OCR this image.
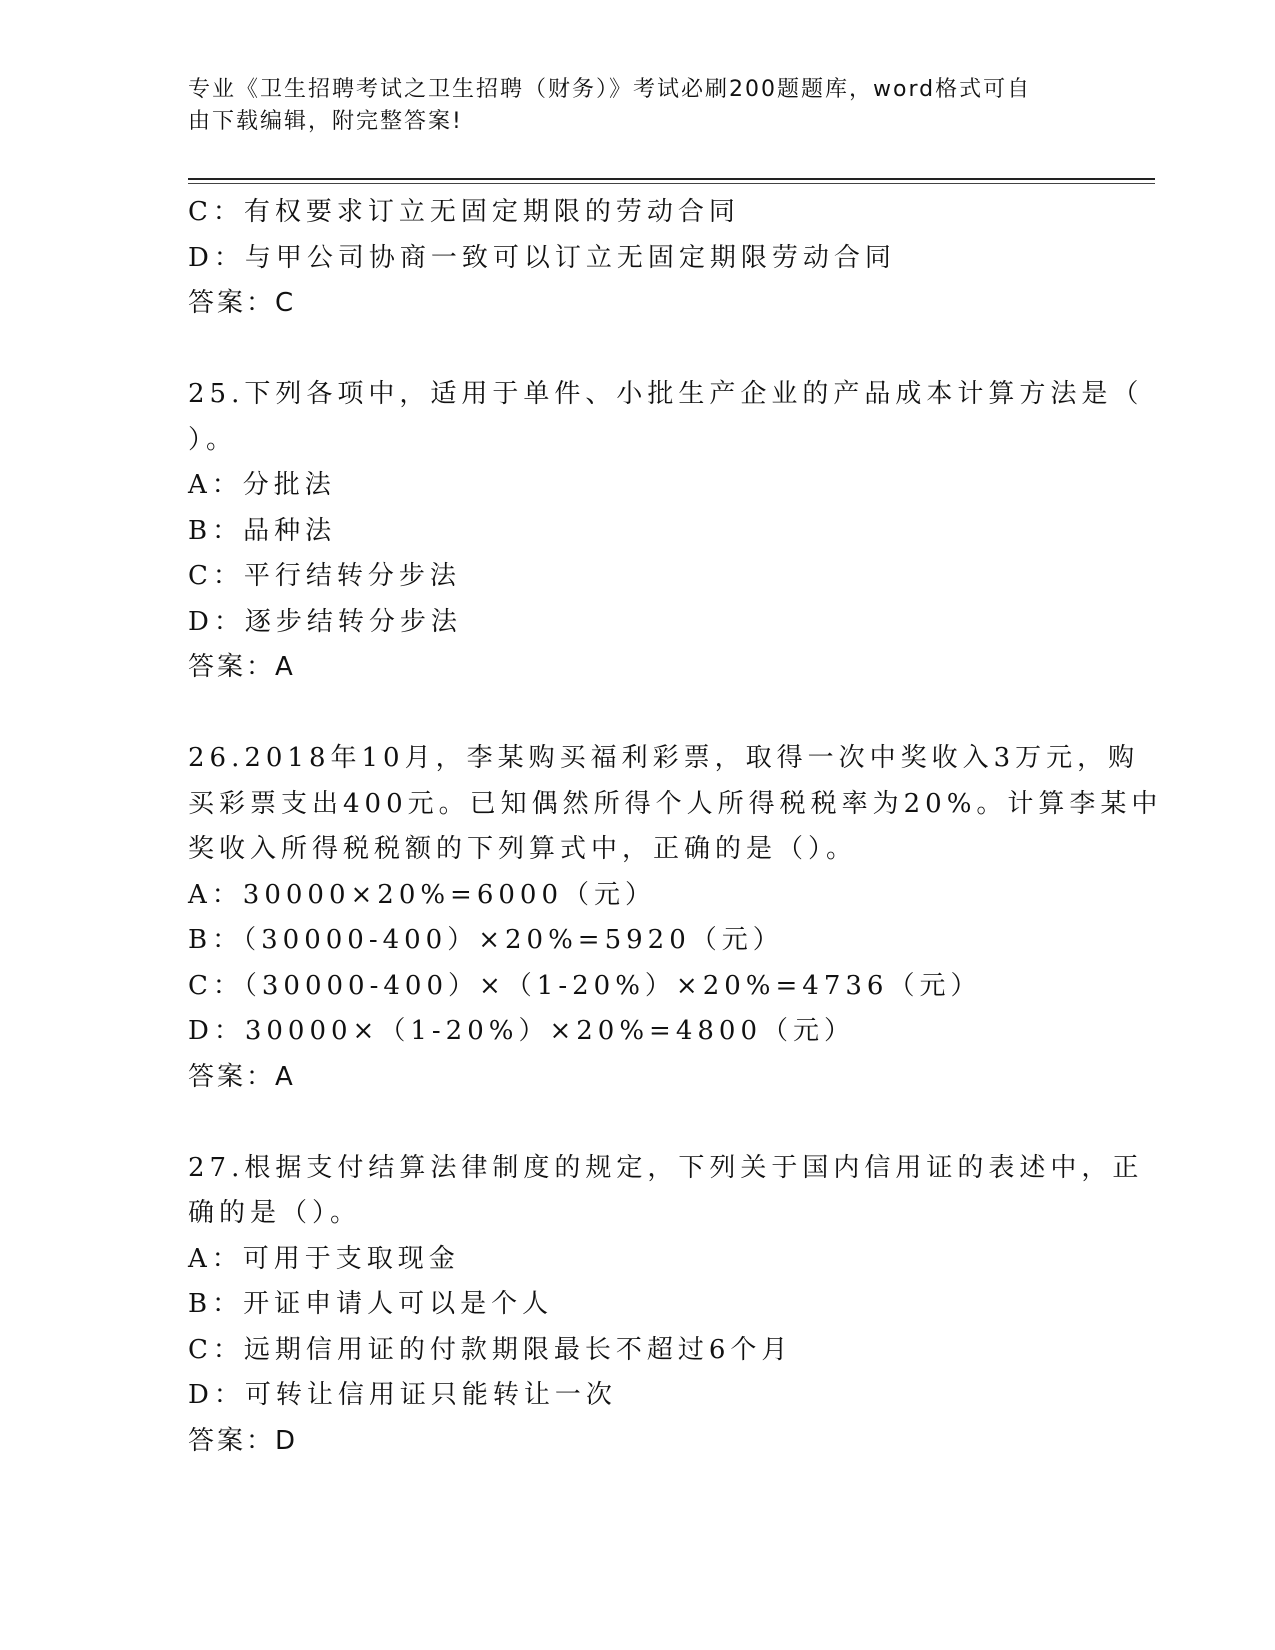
专业《卫生招聘考试之卫生招聘（财务）》考试必刷200题题库，word格式可自
由下载编辑，附完整答案!
C：有权要求订立无固定期限的劳动合同
D：与甲公司协商一致可以订立无固定期限劳动合同
答案：C
25.下列各项中，适用于单件、小批生产企业的产品成本计算方法是（
）。
A：分批法
B：品种法
C：平行结转分步法
D：逐步结转分步法
答案：A
26.2018年10月，李某购买福利彩票，取得一次中奖收入3万元，购
买彩票支出400元。已知偶然所得个人所得税税率为20%。计算李某中
奖收入所得税税额的下列算式中，正确的是（）。
A：30000×20%=6000（元）
B：（30000-400）×20%=5920（元）
C：（30000-400）×（1-20%）×20%=4736（元）
D：30000×（1-20%）×20%=4800（元）
答案：A
27.根据支付结算法律制度的规定，下列关于国内信用证的表述中，正
确的是（）。
A：可用于支取现金
B：开证申请人可以是个人
C：远期信用证的付款期限最长不超过6个月
D：可转让信用证只能转让一次
答案：D
